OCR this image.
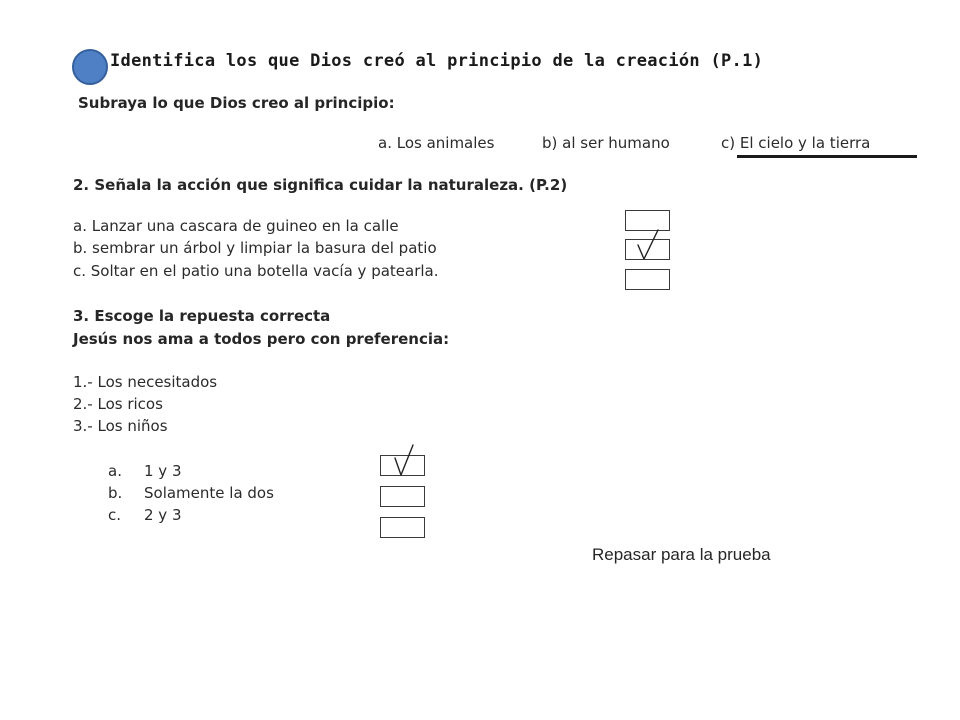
Identifica los que Dios creó al principio de la creación (P.1)
Subraya lo que Dios creo al principio:
a. Los animales	b) al ser humano	c) El cielo y la tierra
2. Señala la acción que significa cuidar la naturaleza. (P.2)
a. Lanzar una cascara de guineo en la calle
b. sembrar un árbol y limpiar la basura del patio
c. Soltar en el patio una botella vacía y patearla.
3. Escoge la repuesta correcta
Jesús nos ama a todos pero con preferencia:
1.- Los necesitados
2.- Los ricos
3.- Los niños
a. 1 y 3
b. Solamente la dos
c. 2 y 3
Repasar para la prueba
